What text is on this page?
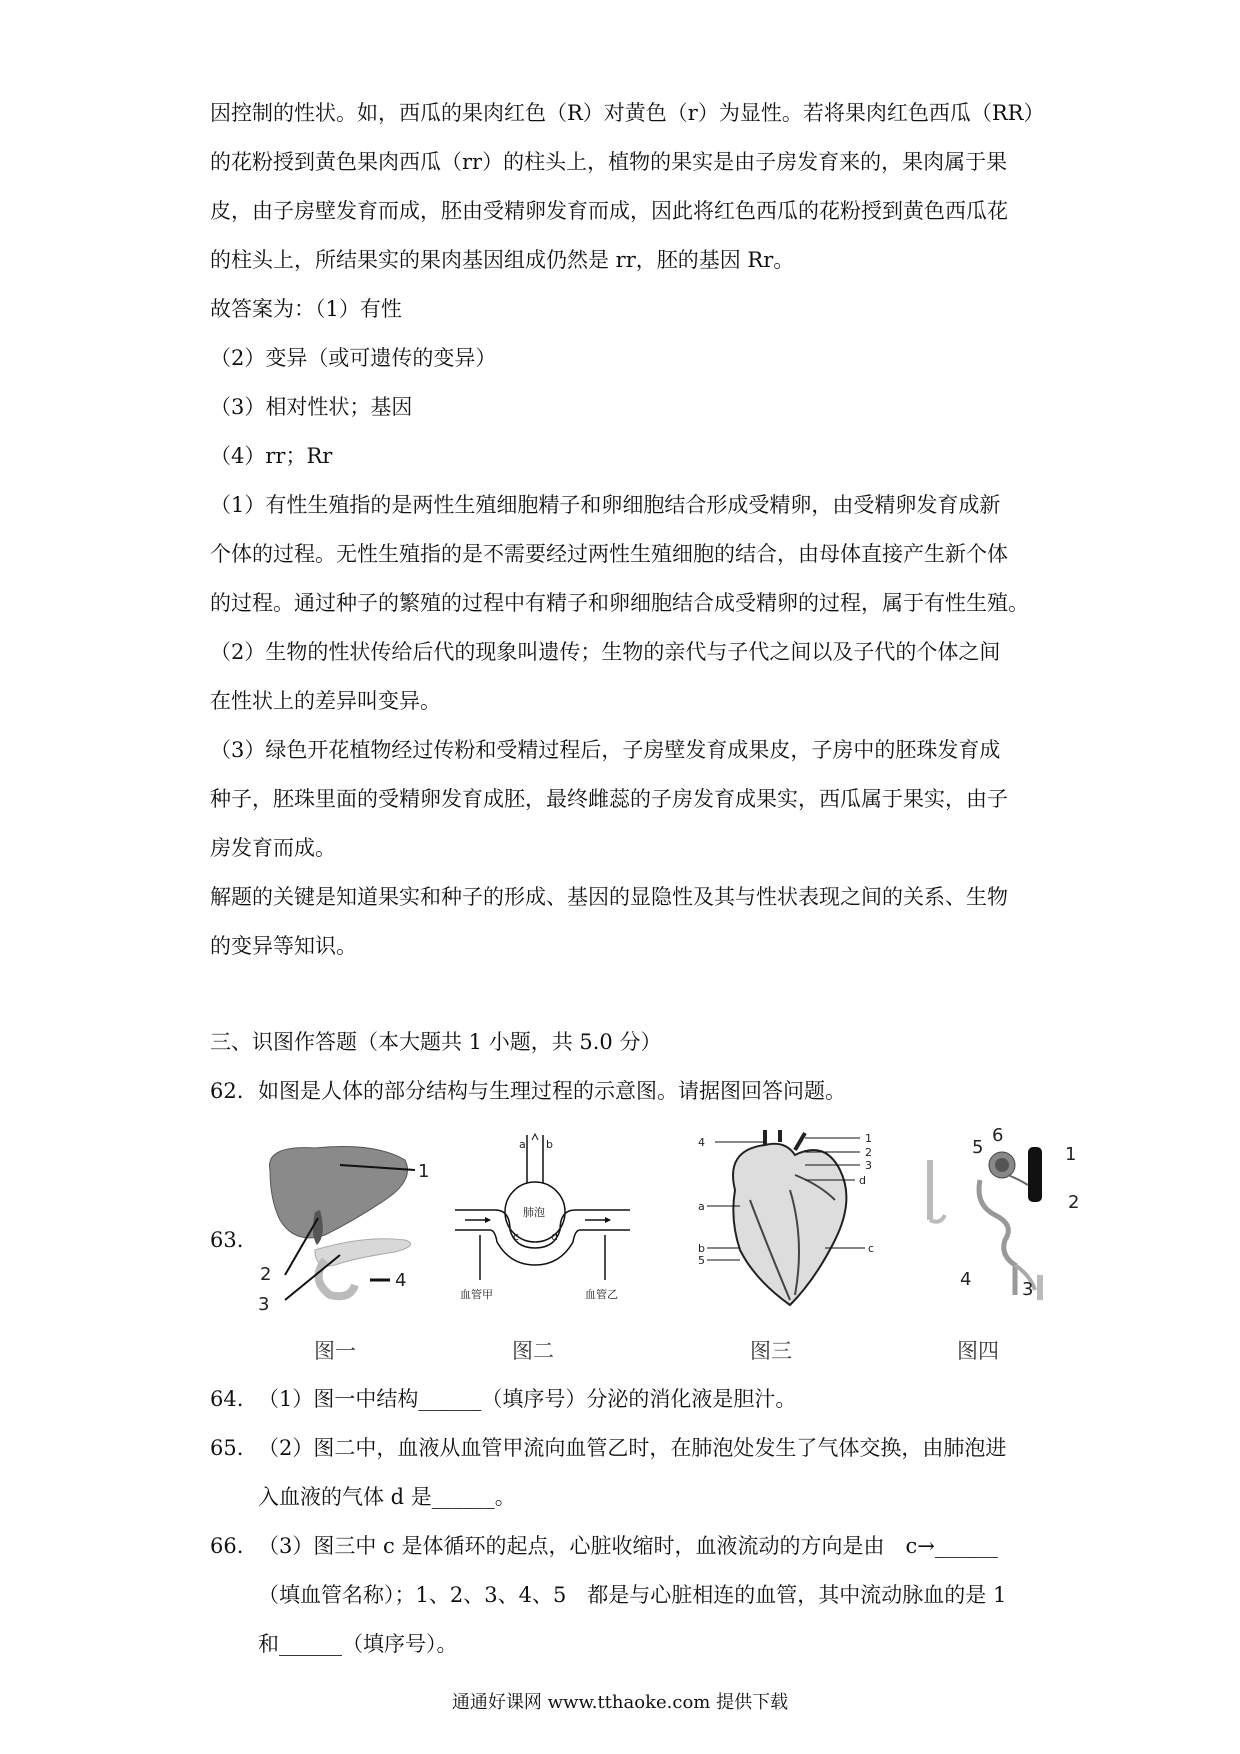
因控制的性状。如，西瓜的果肉红色（R）对黄色（r）为显性。若将果肉红色西瓜（RR）
的花粉授到黄色果肉西瓜（rr）的柱头上，植物的果实是由子房发育来的，果肉属于果
皮，由子房壁发育而成，胚由受精卵发育而成，因此将红色西瓜的花粉授到黄色西瓜花
的柱头上，所结果实的果肉基因组成仍然是 rr，胚的基因 Rr。
故答案为：（1）有性
（2）变异（或可遗传的变异）
（3）相对性状；基因
（4）rr；Rr
（1）有性生殖指的是两性生殖细胞精子和卵细胞结合形成受精卵，由受精卵发育成新
个体的过程。无性生殖指的是不需要经过两性生殖细胞的结合，由母体直接产生新个体
的过程。通过种子的繁殖的过程中有精子和卵细胞结合成受精卵的过程，属于有性生殖。
（2）生物的性状传给后代的现象叫遗传；生物的亲代与子代之间以及子代的个体之间
在性状上的差异叫变异。
（3）绿色开花植物经过传粉和受精过程后，子房壁发育成果皮，子房中的胚珠发育成
种子，胚珠里面的受精卵发育成胚，最终雌蕊的子房发育成果实，西瓜属于果实，由子
房发育而成。
解题的关键是知道果实和种子的形成、基因的显隐性及其与性状表现之间的关系、生物
的变异等知识。
三、识图作答题（本大题共 1 小题，共 5.0 分）
62. 如图是人体的部分结构与生理过程的示意图。请据图回答问题。
63.
1
2
3
4
b
a
肺泡
c	d
血管甲	血管乙
1
2
3
4
5
a
b	c
d
5
6
1
2
3
4
图一	图二	图三	图四
64. （1）图一中结构______（填序号）分泌的消化液是胆汁。
65. （2）图二中，血液从血管甲流向血管乙时，在肺泡处发生了气体交换，由肺泡进
入血液的气体 d 是______。
66. （3）图三中 c 是体循环的起点，心脏收缩时，血液流动的方向是由　c→______
（填血管名称）；1、2、3、4、5　都是与心脏相连的血管，其中流动脉血的是 1
和______（填序号）。
通通好课网 www.tthaoke.com 提供下载
